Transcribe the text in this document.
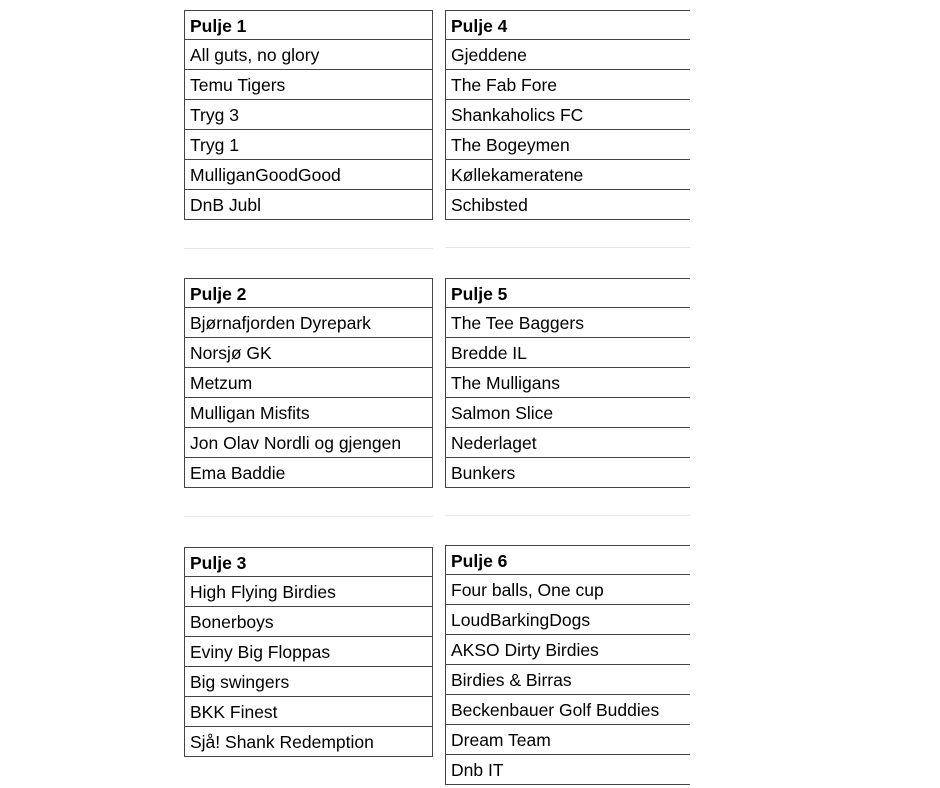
Pulje 1
All guts, no glory
Temu Tigers
Tryg 3
Tryg 1
MulliganGoodGood
DnB Jubl
Pulje 2
Bjørnafjorden Dyrepark
Norsjø GK
Metzum
Mulligan Misfits
Jon Olav Nordli og gjengen
Ema Baddie
Pulje 3
High Flying Birdies
Bonerboys
Eviny Big Floppas
Big swingers
BKK Finest
Sjå! Shank Redemption
Pulje 4
Gjeddene
The Fab Fore
Shankaholics FC
The Bogeymen
Køllekameratene
Schibsted
Pulje 5
The Tee Baggers
Bredde IL
The Mulligans
Salmon Slice
Nederlaget
Bunkers
Pulje 6
Four balls, One cup
LoudBarkingDogs
AKSO Dirty Birdies
Birdies & Birras
Beckenbauer Golf Buddies
Dream Team
Dnb IT
